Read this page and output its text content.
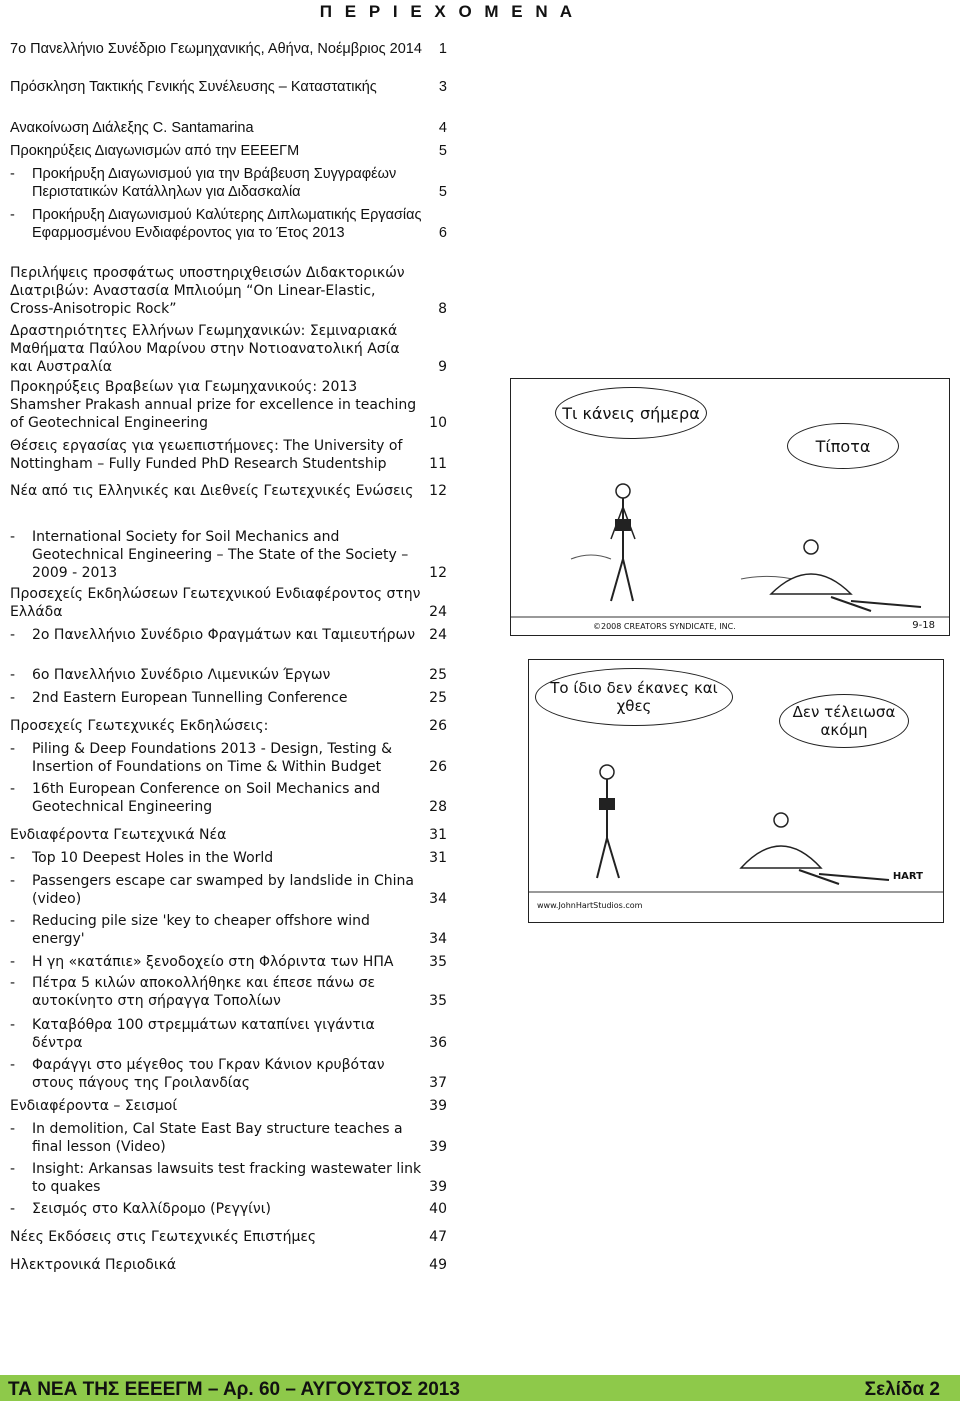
Π Ε Ρ Ι Ε Χ Ο Μ Ε Ν Α
7ο Πανελλήνιο Συνέδριο Γεωμηχανικής, Αθήνα, Νοέμβριος 2014 1
Πρόσκληση Τακτικής Γενικής Συνέλευσης – Καταστατικής	3
Ανακοίνωση Διάλεξης C. Santamarina	4
Προκηρύξεις Διαγωνισμών από την ΕΕΕΕΓΜ	5
-	Προκήρυξη Διαγωνισμού για την Βράβευση Συγγραφέων Περιστατικών Κατάλληλων για Διδασκαλία	5
-	Προκήρυξη Διαγωνισμού Καλύτερης Διπλωματικής Εργασίας Εφαρμοσμένου Ενδιαφέροντος για το Έτος 2013	6
Περιλήψεις προσφάτως υποστηριχθεισών Διδακτορικών Διατριβών: Αναστασία Μπλιούμη “On Linear-Elastic, Cross-Anisotropic Rock”	8
Δραστηριότητες Ελλήνων Γεωμηχανικών: Σεμιναριακά Μαθήματα Παύλου Μαρίνου στην Νοτιοανατολική Ασία και Αυστραλία	9
Προκηρύξεις Βραβείων για Γεωμηχανικούς: 2013 Shamsher Prakash annual prize for excellence in teaching of Geotechnical Engineering	10
Θέσεις εργασίας για γεωεπιστήμονες: The University of Nottingham – Fully Funded PhD Research Studentship	11
Νέα από τις Ελληνικές και Διεθνείς Γεωτεχνικές Ενώσεις	12
-	International Society for Soil Mechanics and Geotechnical Engineering – The State of the Society – 2009 - 2013	12
Προσεχείς Εκδηλώσεων Γεωτεχνικού Ενδιαφέροντος στην Ελλάδα	24
-	2ο Πανελλήνιο Συνέδριο Φραγμάτων και Ταμιευτήρων	24
-	6ο Πανελλήνιο Συνέδριο Λιμενικών Έργων	25
-	2nd Eastern European Tunnelling Conference	25
Προσεχείς Γεωτεχνικές Εκδηλώσεις:	26
-	Piling & Deep Foundations 2013 - Design, Testing & Insertion of Foundations on Time & Within Budget	26
-	16th European Conference on Soil Mechanics and Geotechnical Engineering	28
Ενδιαφέροντα Γεωτεχνικά Νέα	31
-	Top 10 Deepest Holes in the World	31
-	Passengers escape car swamped by landslide in China (video)	34
-	Reducing pile size 'key to cheaper offshore wind energy'	34
-	Η γη «κατάπιε» ξενοδοχείο στη Φλόριντα των ΗΠΑ	35
-	Πέτρα 5 κιλών αποκολλήθηκε και έπεσε πάνω σε αυτοκίνητο στη σήραγγα Τοπολίων	35
-	Καταβόθρα 100 στρεμμάτων καταπίνει γιγάντια δέντρα	36
-	Φαράγγι στο μέγεθος του Γκραν Κάνιον κρυβόταν στους πάγους της Γροιλανδίας	37
Ενδιαφέροντα – Σεισμοί	39
-	In demolition, Cal State East Bay structure teaches a final lesson (Video)	39
-	Insight: Arkansas lawsuits test fracking wastewater link to quakes	39
-	Σεισμός στο Καλλίδρομο (Ρεγγίνι)	40
Νέες Εκδόσεις στις Γεωτεχνικές Επιστήμες	47
Ηλεκτρονικά Περιοδικά	49
Τι κάνεις σήμερα
Τίποτα
©2008 CREATORS SYNDICATE, INC.	9-18
Το ίδιο δεν έκανες και χθες	Δεν τέλειωσα ακόμη
www.JohnHartStudios.com
HART
ΤΑ ΝΕΑ ΤΗΣ ΕΕΕΕΓΜ – Αρ. 60 – ΑΥΓΟΥΣΤΟΣ 2013	Σελίδα 2
